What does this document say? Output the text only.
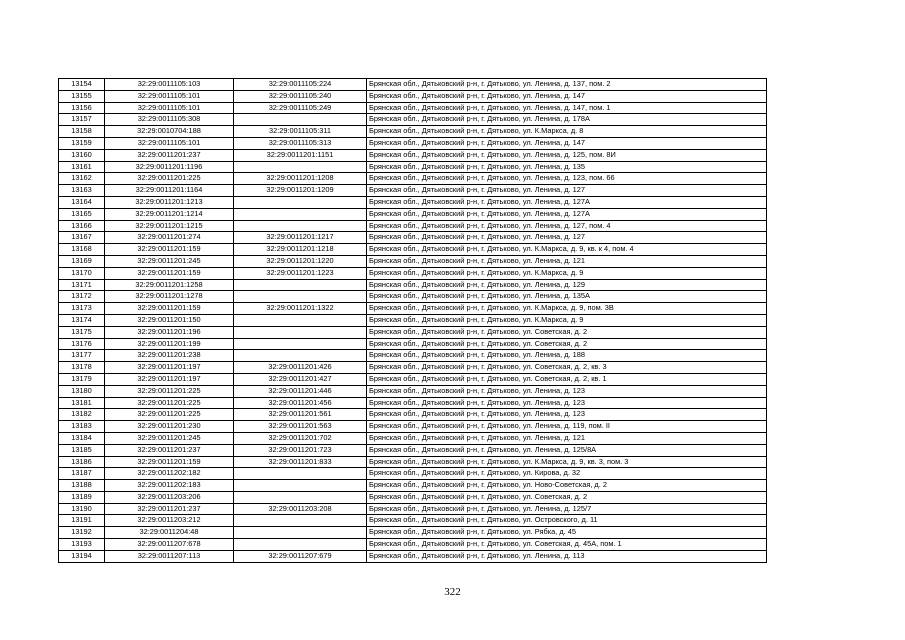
13154	32:29:0011105:103	32:29:0011105:224	Брянская обл., Дятьковский р-н, г. Дятьково, ул. Ленина, д. 137, пом. 2
13155	32:29:0011105:101	32:29:0011105:240	Брянская обл., Дятьковский р-н, г. Дятьково, ул. Ленина, д. 147
13156	32:29:0011105:101	32:29:0011105:249	Брянская обл., Дятьковский р-н, г. Дятьково, ул. Ленина, д. 147, пом. 1
13157	32:29:0011105:308		Брянская обл., Дятьковский р-н, г. Дятьково, ул. Ленина, д. 178А
13158	32:29:0010704:188	32:29:0011105:311	Брянская обл., Дятьковский р-н, г. Дятьково, ул. К.Маркса, д. 8
13159	32:29:0011105:101	32:29:0011105:313	Брянская обл., Дятьковский р-н, г. Дятьково, ул. Ленина, д. 147
13160	32:29:0011201:237	32:29:0011201:1151	Брянская обл., Дятьковский р-н, г. Дятьково, ул. Ленина, д. 125, пом. 8И
13161	32:29:0011201:1196		Брянская обл., Дятьковский р-н, г. Дятьково, ул. Ленина, д. 135
13162	32:29:0011201:225	32:29:0011201:1208	Брянская обл., Дятьковский р-н, г. Дятьково, ул. Ленина, д. 123, пом. 66
13163	32:29:0011201:1164	32:29:0011201:1209	Брянская обл., Дятьковский р-н, г. Дятьково, ул. Ленина, д. 127
13164	32:29:0011201:1213		Брянская обл., Дятьковский р-н, г. Дятьково, ул. Ленина, д. 127А
13165	32:29:0011201:1214		Брянская обл., Дятьковский р-н, г. Дятьково, ул. Ленина, д. 127А
13166	32:29:0011201:1215		Брянская обл., Дятьковский р-н, г. Дятьково, ул. Ленина, д. 127, пом. 4
13167	32:29:0011201:274	32:29:0011201:1217	Брянская обл., Дятьковский р-н, г. Дятьково, ул. Ленина, д. 127
13168	32:29:0011201:159	32:29:0011201:1218	Брянская обл., Дятьковский р-н, г. Дятьково, ул. К.Маркса, д. 9, кв. к 4, пом. 4
13169	32:29:0011201:245	32:29:0011201:1220	Брянская обл., Дятьковский р-н, г. Дятьково, ул. Ленина, д. 121
13170	32:29:0011201:159	32:29:0011201:1223	Брянская обл., Дятьковский р-н, г. Дятьково, ул. К.Маркса, д. 9
13171	32:29:0011201:1258		Брянская обл., Дятьковский р-н, г. Дятьково, ул. Ленина, д. 129
13172	32:29:0011201:1278		Брянская обл., Дятьковский р-н, г. Дятьково, ул. Ленина, д. 135А
13173	32:29:0011201:159	32:29:0011201:1322	Брянская обл., Дятьковский р-н, г. Дятьково, ул. К.Маркса, д. 9, пом. 3В
13174	32:29:0011201:150		Брянская обл., Дятьковский р-н, г. Дятьково, ул. К.Маркса, д. 9
13175	32:29:0011201:196		Брянская обл., Дятьковский р-н, г. Дятьково, ул. Советская, д. 2
13176	32:29:0011201:199		Брянская обл., Дятьковский р-н, г. Дятьково, ул. Советская, д. 2
13177	32:29:0011201:238		Брянская обл., Дятьковский р-н, г. Дятьково, ул. Ленина, д. 188
13178	32:29:0011201:197	32:29:0011201:426	Брянская обл., Дятьковский р-н, г. Дятьково, ул. Советская, д. 2, кв. 3
13179	32:29:0011201:197	32:29:0011201:427	Брянская обл., Дятьковский р-н, г. Дятьково, ул. Советская, д. 2, кв. 1
13180	32:29:0011201:225	32:29:0011201:446	Брянская обл., Дятьковский р-н, г. Дятьково, ул. Ленина, д. 123
13181	32:29:0011201:225	32:29:0011201:456	Брянская обл., Дятьковский р-н, г. Дятьково, ул. Ленина, д. 123
13182	32:29:0011201:225	32:29:0011201:561	Брянская обл., Дятьковский р-н, г. Дятьково, ул. Ленина, д. 123
13183	32:29:0011201:230	32:29:0011201:563	Брянская обл., Дятьковский р-н, г. Дятьково, ул. Ленина, д. 119, пом. II
13184	32:29:0011201:245	32:29:0011201:702	Брянская обл., Дятьковский р-н, г. Дятьково, ул. Ленина, д. 121
13185	32:29:0011201:237	32:29:0011201:723	Брянская обл., Дятьковский р-н, г. Дятьково, ул. Ленина, д. 125/8А
13186	32:29:0011201:159	32:29:0011201:833	Брянская обл., Дятьковский р-н, г. Дятьково, ул. К.Маркса, д. 9, кв. 3, пом. 3
13187	32:29:0011202:182		Брянская обл., Дятьковский р-н, г. Дятьково, ул. Кирова, д. 32
13188	32:29:0011202:183		Брянская обл., Дятьковский р-н, г. Дятьково, ул. Ново-Советская, д. 2
13189	32:29:0011203:206		Брянская обл., Дятьковский р-н, г. Дятьково, ул. Советская, д. 2
13190	32:29:0011201:237	32:29:0011203:208	Брянская обл., Дятьковский р-н, г. Дятьково, ул. Ленина, д. 125/7
13191	32:29:0011203:212		Брянская обл., Дятьковский р-н, г. Дятьково, ул. Островского, д. 11
13192	32:29:0011204:48		Брянская обл., Дятьковский р-н, г. Дятьково, ул. Рябка, д. 45
13193	32:29:0011207:678		Брянская обл., Дятьковский р-н, г. Дятьково, ул. Советская, д. 45А, пом. 1
13194	32:29:0011207:113	32:29:0011207:679	Брянская обл., Дятьковский р-н, г. Дятьково, ул. Ленина, д. 113
322
